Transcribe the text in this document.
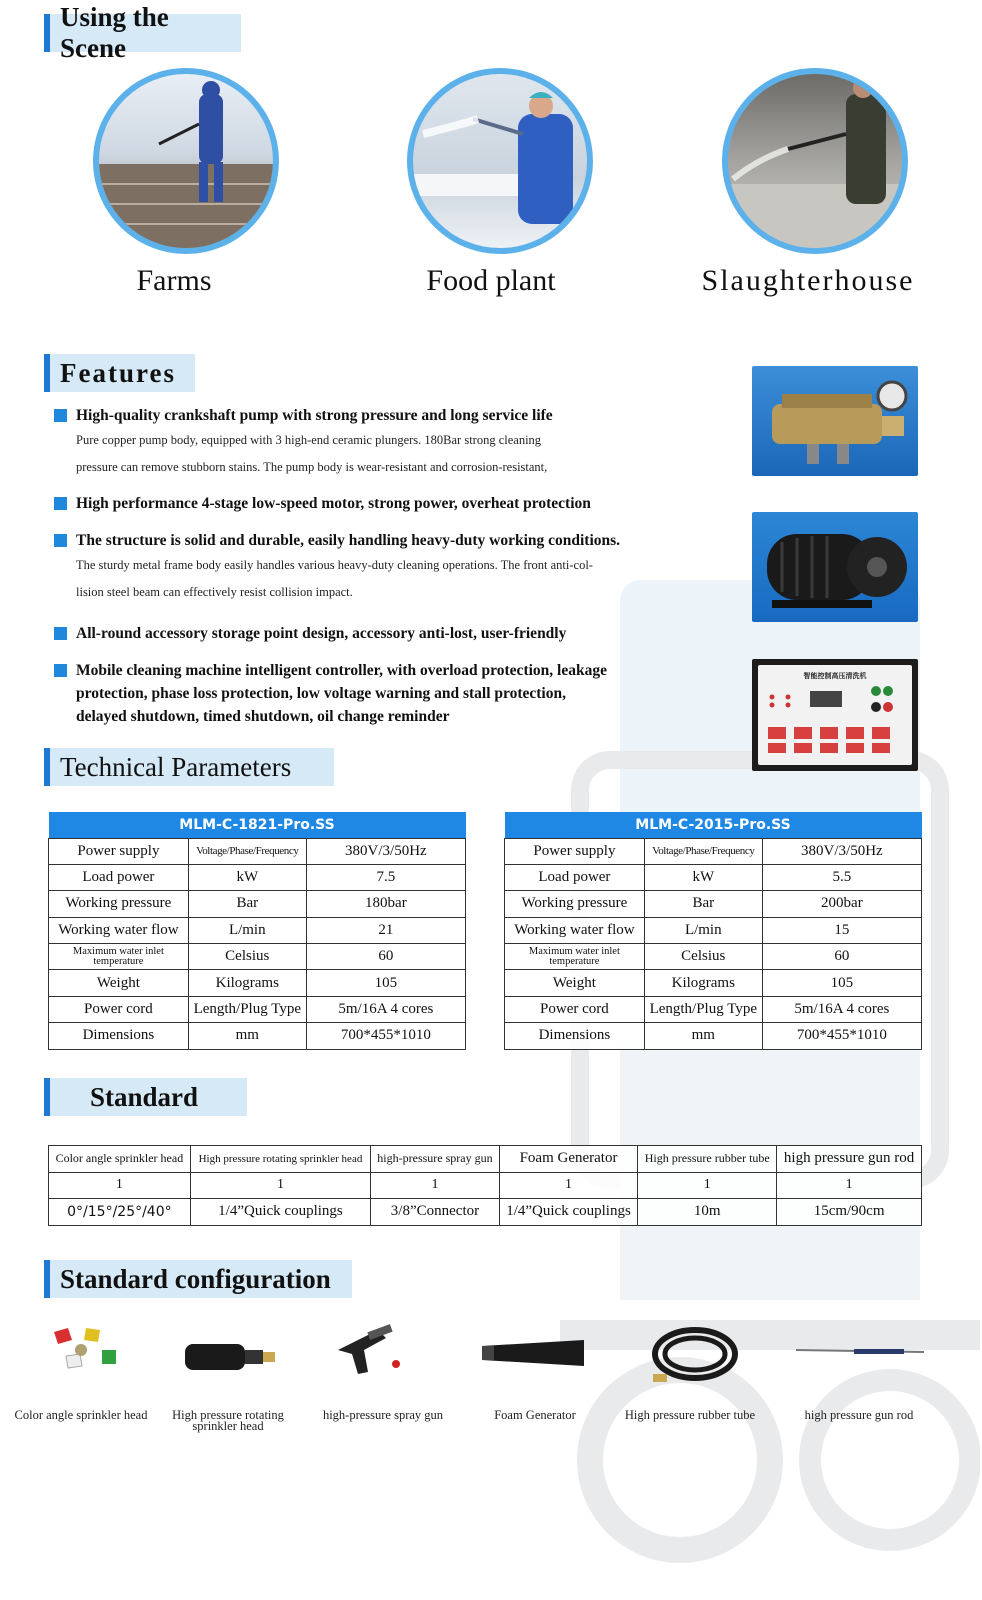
Using the Scene
Farms	Food plant	Slaughterhouse
Features
High-quality crankshaft pump with strong pressure and long service life
Pure copper pump body, equipped with 3 high-end ceramic plungers. 180Bar strong cleaning
pressure can remove stubborn stains. The pump body is wear-resistant and corrosion-resistant,
High performance 4-stage low-speed motor, strong power, overheat protection
The structure is solid and durable, easily handling heavy-duty working conditions.
The sturdy metal frame body easily handles various heavy-duty cleaning operations. The front anti-col-
lision steel beam can effectively resist collision impact.
All-round accessory storage point design, accessory anti-lost, user-friendly
Mobile cleaning machine intelligent controller, with overload protection, leakage protection, phase loss protection, low voltage warning and stall protection, delayed shutdown, timed shutdown, oil change reminder
智能控制高压清洗机
Technical Parameters
MLM-C-1821-Pro.SS		
Power supply	Voltage/Phase/Frequency	380V/3/50Hz
Load power	kW	7.5
Working pressure	Bar	180bar
Working water flow	L/min	21
Maximum water inlet temperature	Celsius	60
Weight	Kilograms	105
Power cord	Length/Plug Type	5m/16A 4 cores
Dimensions	mm	700*455*1010
MLM-C-2015-Pro.SS		
Power supply	Voltage/Phase/Frequency	380V/3/50Hz
Load power	kW	5.5
Working pressure	Bar	200bar
Working water flow	L/min	15
Maximum water inlet temperature	Celsius	60
Weight	Kilograms	105
Power cord	Length/Plug Type	5m/16A 4 cores
Dimensions	mm	700*455*1010
Standard
Color angle sprinkler head	High pressure rotating sprinkler head	high-pressure spray gun	Foam Generator	High pressure rubber tube	high pressure gun rod
1	1	1	1	1	1
0°/15°/25°/40°	1/4”Quick couplings	3/8”Connector	1/4”Quick couplings	10m	15cm/90cm
Standard configuration
Color angle sprinkler head	High pressure rotating sprinkler head
high-pressure spray gun	Foam Generator	High pressure rubber tube	high pressure gun rod
